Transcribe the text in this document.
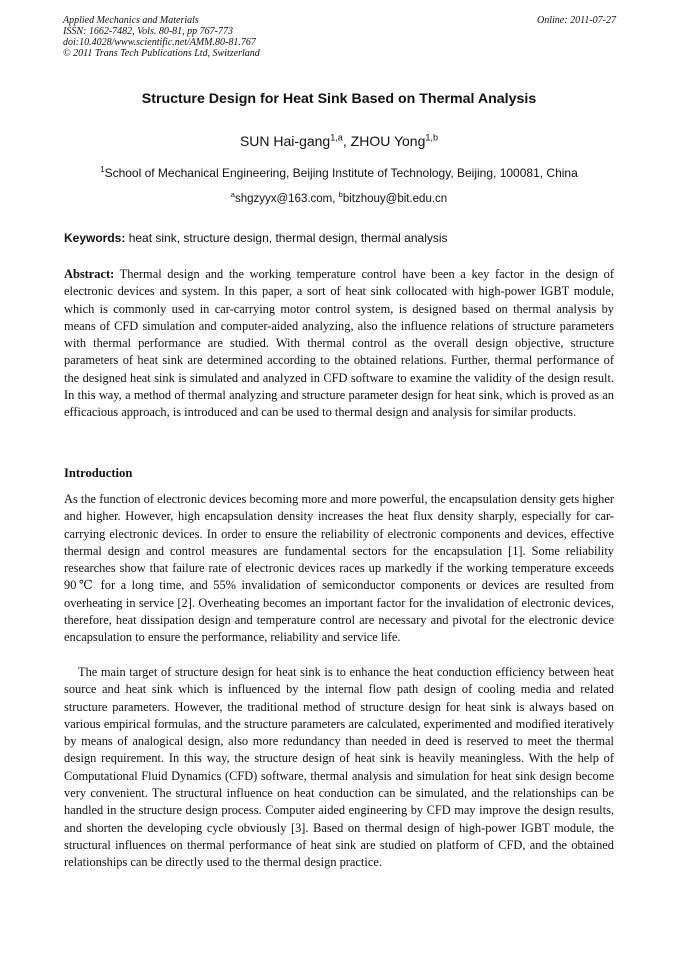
Applied Mechanics and Materials
ISSN: 1662-7482, Vols. 80-81, pp 767-773
doi:10.4028/www.scientific.net/AMM.80-81.767
© 2011 Trans Tech Publications Ltd, Switzerland
Online: 2011-07-27
Structure Design for Heat Sink Based on Thermal Analysis
SUN Hai-gang$^{1,a}$, ZHOU Yong$^{1,b}$
$^1$School of Mechanical Engineering, Beijing Institute of Technology, Beijing, 100081, China
$^a$shgzyyx@163.com, $^b$bitzhouy@bit.edu.cn
Keywords: heat sink, structure design, thermal design, thermal analysis
Abstract: Thermal design and the working temperature control have been a key factor in the design of electronic devices and system. In this paper, a sort of heat sink collocated with high-power IGBT module, which is commonly used in car-carrying motor control system, is designed based on thermal analysis by means of CFD simulation and computer-aided analyzing, also the influence relations of structure parameters with thermal performance are studied. With thermal control as the overall design objective, structure parameters of heat sink are determined according to the obtained relations. Further, thermal performance of the designed heat sink is simulated and analyzed in CFD software to examine the validity of the design result. In this way, a method of thermal analyzing and structure parameter design for heat sink, which is proved as an efficacious approach, is introduced and can be used to thermal design and analysis for similar products.
Introduction
As the function of electronic devices becoming more and more powerful, the encapsulation density gets higher and higher. However, high encapsulation density increases the heat flux density sharply, especially for car-carrying electronic devices. In order to ensure the reliability of electronic components and devices, effective thermal design and control measures are fundamental sectors for the encapsulation [1]. Some reliability researches show that failure rate of electronic devices races up markedly if the working temperature exceeds 90℃ for a long time, and 55% invalidation of semiconductor components or devices are resulted from overheating in service [2]. Overheating becomes an important factor for the invalidation of electronic devices, therefore, heat dissipation design and temperature control are necessary and pivotal for the electronic device encapsulation to ensure the performance, reliability and service life.
The main target of structure design for heat sink is to enhance the heat conduction efficiency between heat source and heat sink which is influenced by the internal flow path design of cooling media and related structure parameters. However, the traditional method of structure design for heat sink is always based on various empirical formulas, and the structure parameters are calculated, experimented and modified iteratively by means of analogical design, also more redundancy than needed in deed is reserved to meet the thermal design requirement. In this way, the structure design of heat sink is heavily meaningless. With the help of Computational Fluid Dynamics (CFD) software, thermal analysis and simulation for heat sink design become very convenient. The structural influence on heat conduction can be simulated, and the relationships can be handled in the structure design process. Computer aided engineering by CFD may improve the design results, and shorten the developing cycle obviously [3]. Based on thermal design of high-power IGBT module, the structural influences on thermal performance of heat sink are studied on platform of CFD, and the obtained relationships can be directly used to the thermal design practice.
